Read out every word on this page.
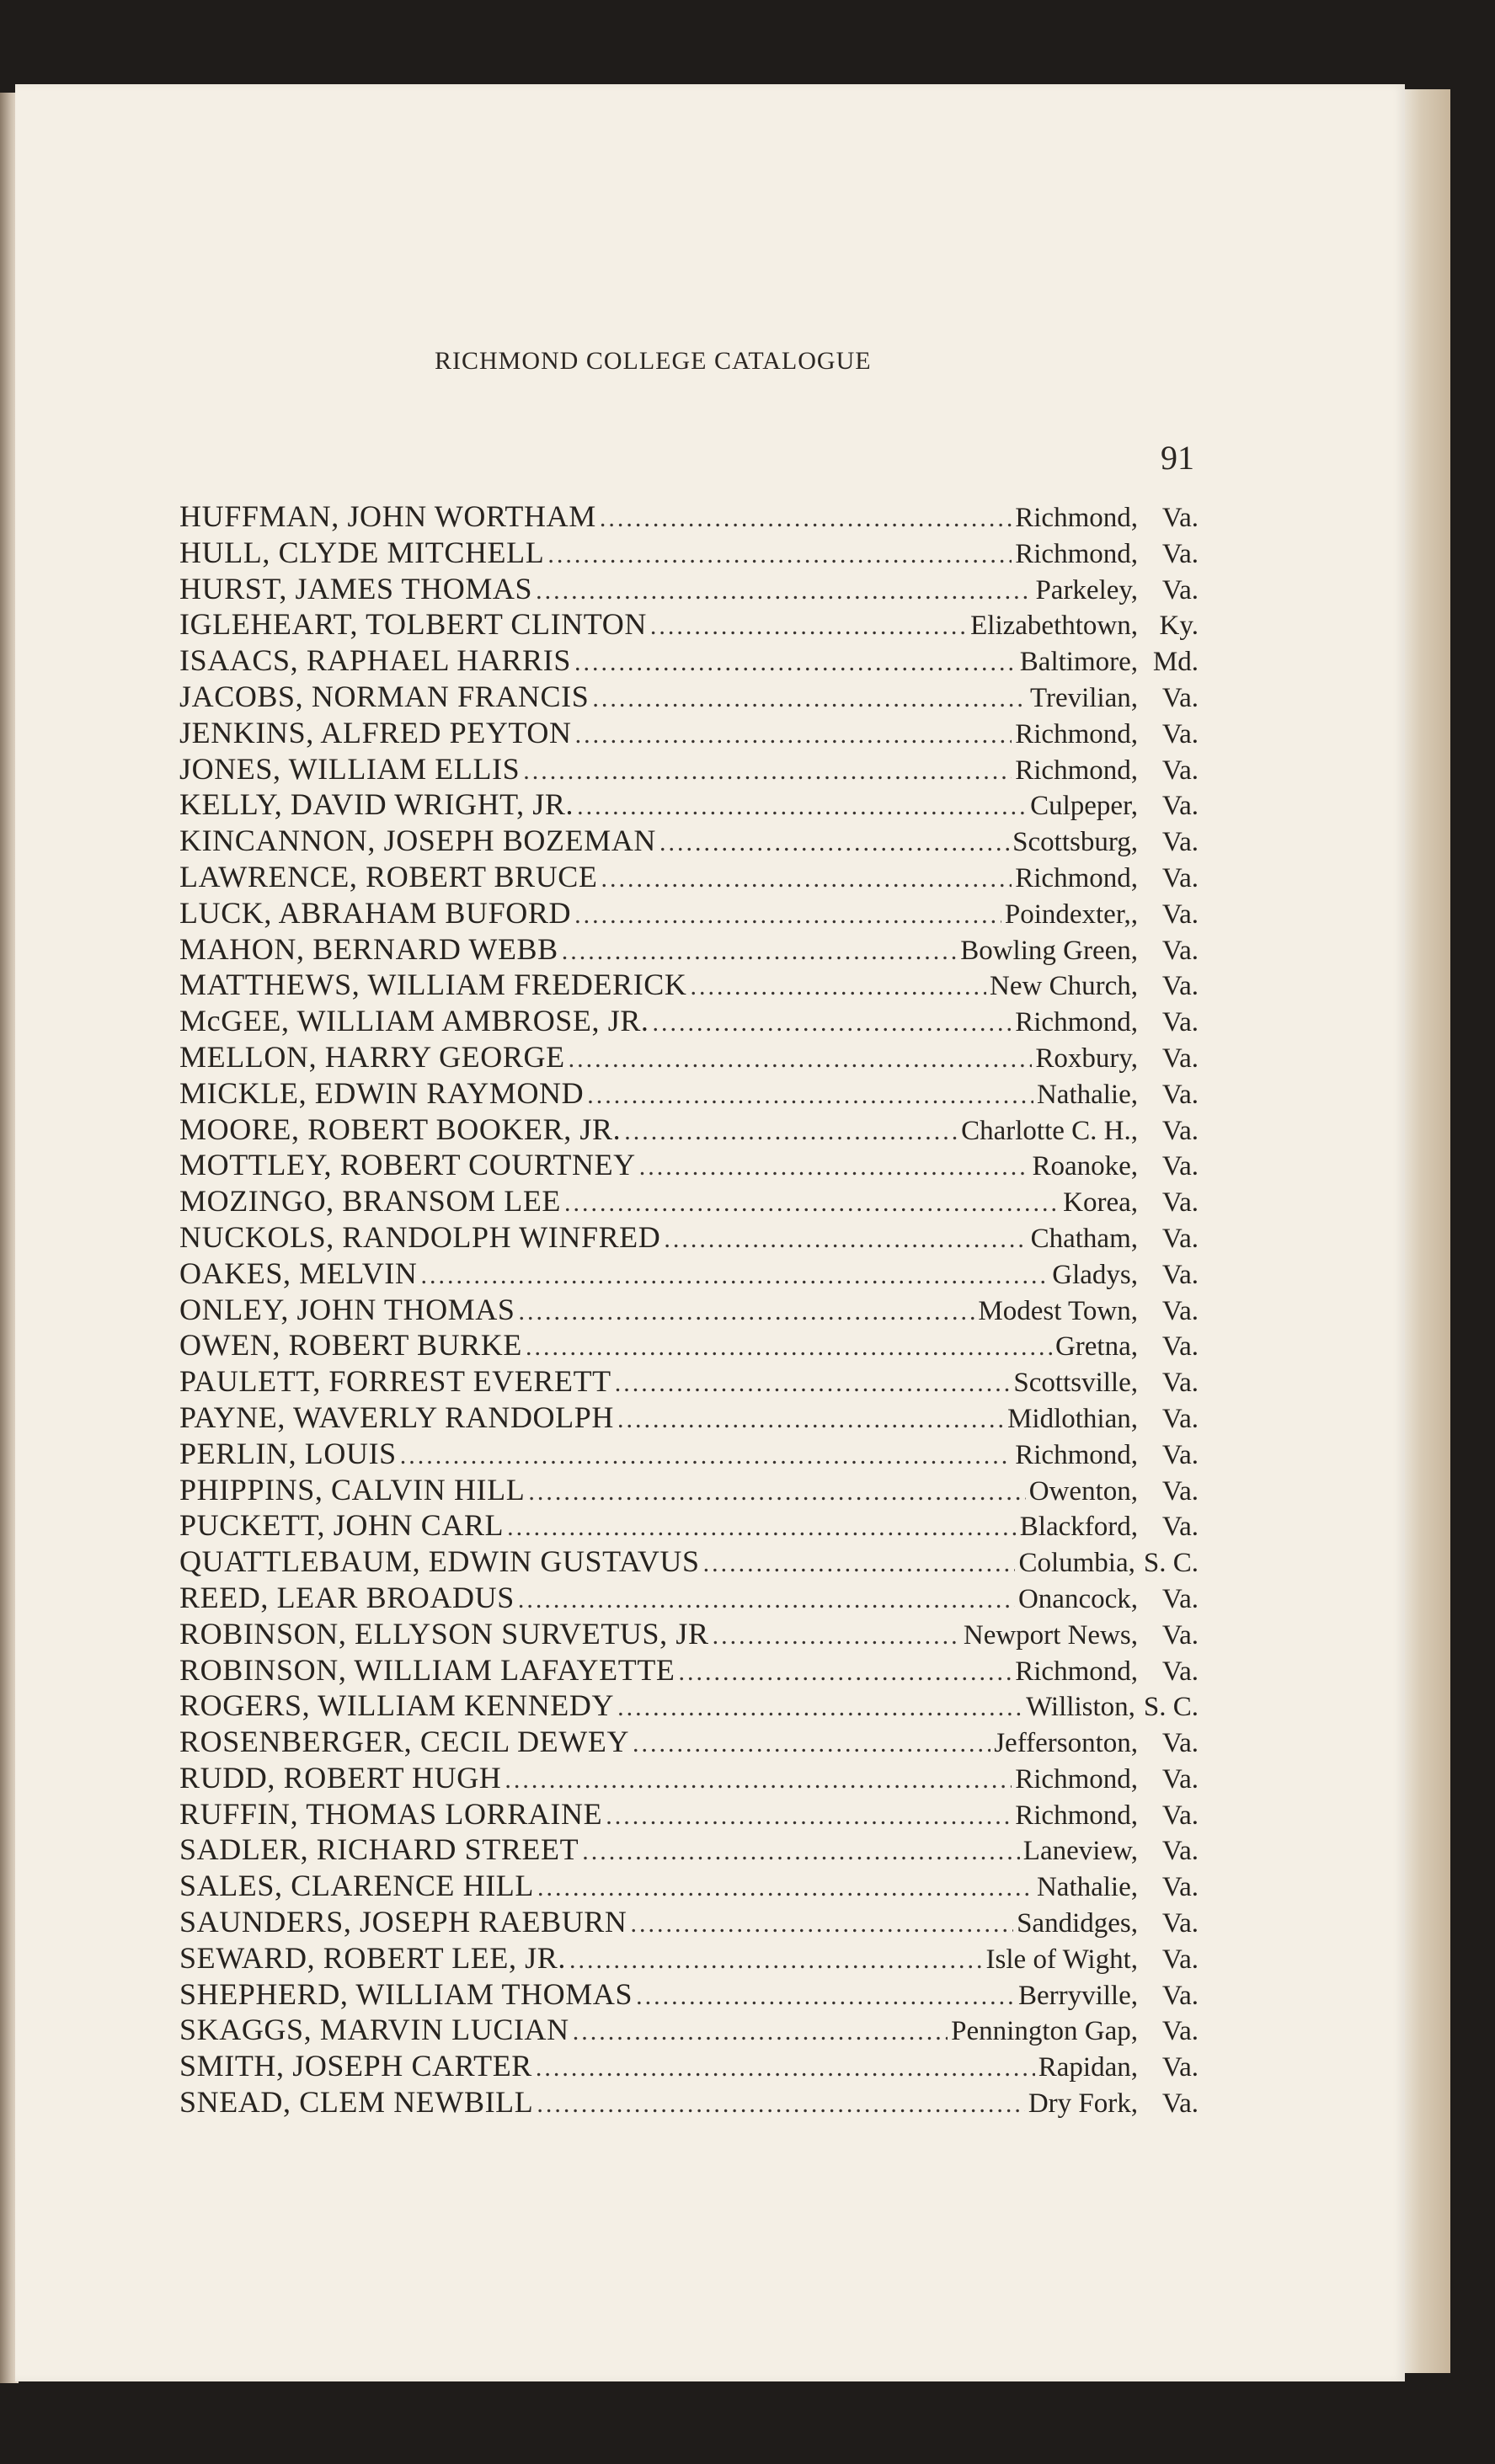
RICHMOND COLLEGE CATALOGUE
91
HUFFMAN, JOHN WORTHAM .....	Richmond, Va.
HULL, CLYDE MITCHELL .....	Richmond, Va.
HURST, JAMES THOMAS .....	Parkeley, Va.
IGLEHEART, TOLBERT CLINTON .....	Elizabethtown, Ky.
ISAACS, RAPHAEL HARRIS .....	Baltimore, Md.
JACOBS, NORMAN FRANCIS .....	Trevilian, Va.
JENKINS, ALFRED PEYTON .....	Richmond, Va.
JONES, WILLIAM ELLIS .....	Richmond, Va.
KELLY, DAVID WRIGHT, JR. .....	Culpeper, Va.
KINCANNON, JOSEPH BOZEMAN .....	Scottsburg, Va.
LAWRENCE, ROBERT BRUCE .....	Richmond, Va.
LUCK, ABRAHAM BUFORD .....	Poindexter,, Va.
MAHON, BERNARD WEBB .....	Bowling Green, Va.
MATTHEWS, WILLIAM FREDERICK .....	New Church, Va.
McGEE, WILLIAM AMBROSE, JR. .....	Richmond, Va.
MELLON, HARRY GEORGE .....	Roxbury, Va.
MICKLE, EDWIN RAYMOND .....	Nathalie, Va.
MOORE, ROBERT BOOKER, JR. .....	Charlotte C. H., Va.
MOTTLEY, ROBERT COURTNEY .....	Roanoke, Va.
MOZINGO, BRANSOM LEE .....	Korea, Va.
NUCKOLS, RANDOLPH WINFRED .....	Chatham, Va.
OAKES, MELVIN .....	Gladys, Va.
ONLEY, JOHN THOMAS .....	Modest Town, Va.
OWEN, ROBERT BURKE .....	Gretna, Va.
PAULETT, FORREST EVERETT .....	Scottsville, Va.
PAYNE, WAVERLY RANDOLPH .....	Midlothian, Va.
PERLIN, LOUIS .....	Richmond, Va.
PHIPPINS, CALVIN HILL .....	Owenton, Va.
PUCKETT, JOHN CARL .....	Blackford, Va.
QUATTLEBAUM, EDWIN GUSTAVUS .....	Columbia, S. C.
REED, LEAR BROADUS .....	Onancock, Va.
ROBINSON, ELLYSON SURVETUS, JR .....	Newport News, Va.
ROBINSON, WILLIAM LAFAYETTE .....	Richmond, Va.
ROGERS, WILLIAM KENNEDY .....	Williston, S. C.
ROSENBERGER, CECIL DEWEY .....	Jeffersonton, Va.
RUDD, ROBERT HUGH .....	Richmond, Va.
RUFFIN, THOMAS LORRAINE .....	Richmond, Va.
SADLER, RICHARD STREET .....	Laneview, Va.
SALES, CLARENCE HILL .....	Nathalie, Va.
SAUNDERS, JOSEPH RAEBURN .....	Sandidges, Va.
SEWARD, ROBERT LEE, JR. .....	Isle of Wight, Va.
SHEPHERD, WILLIAM THOMAS .....	Berryville, Va.
SKAGGS, MARVIN LUCIAN .....	Pennington Gap, Va.
SMITH, JOSEPH CARTER .....	Rapidan, Va.
SNEAD, CLEM NEWBILL .....	Dry Fork, Va.
